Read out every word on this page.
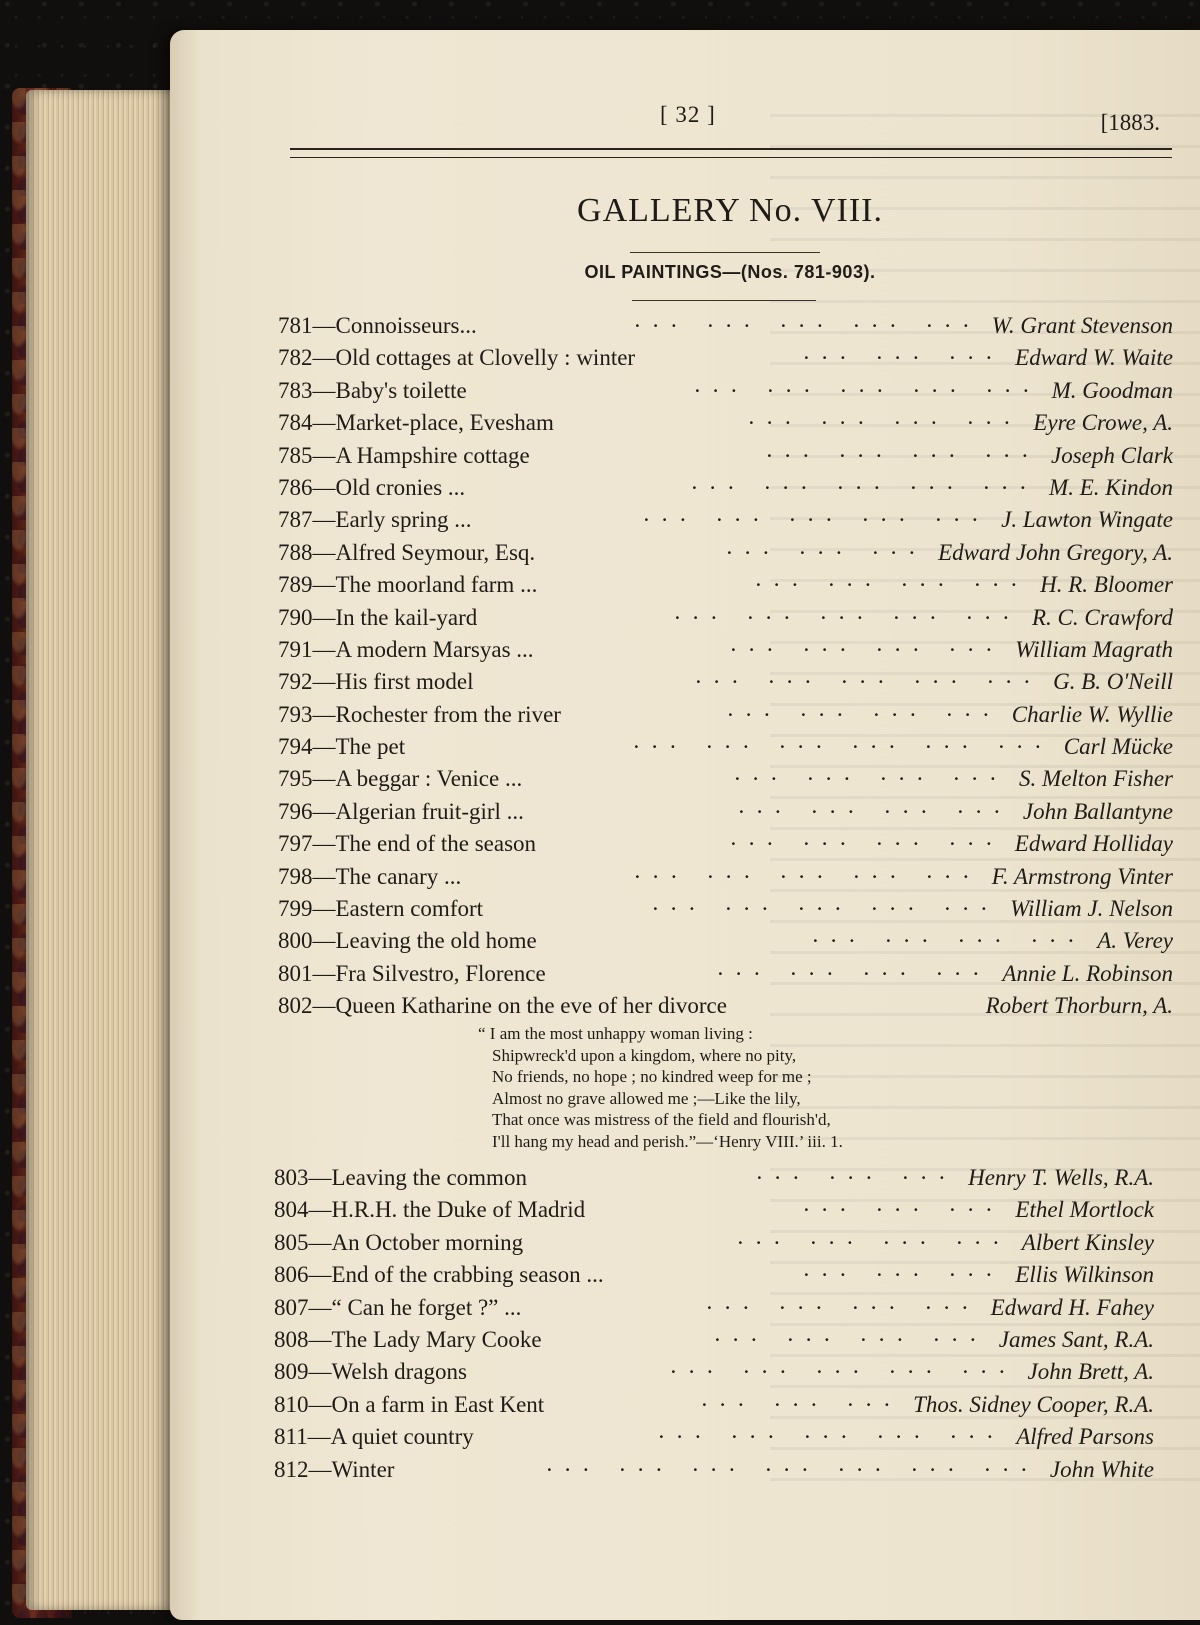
[ 32 ]	[1883.
GALLERY No. VIII.
OIL PAINTINGS—(Nos. 781-903).
781—Connoisseurs...	... ... ... ... ... W. Grant Stevenson
782—Old cottages at Clovelly : winter	... ... ... Edward W. Waite
783—Baby's toilette	... ... ... ... ... M. Goodman
784—Market-place, Evesham	... ... ... ... Eyre Crowe, A.
785—A Hampshire cottage	... ... ... ... Joseph Clark
786—Old cronies ...	... ... ... ... ... M. E. Kindon
787—Early spring ...	... ... ... ... ... J. Lawton Wingate
788—Alfred Seymour, Esq.	... ... ... Edward John Gregory, A.
789—The moorland farm ...	... ... ... ... H. R. Bloomer
790—In the kail-yard	... ... ... ... ... R. C. Crawford
791—A modern Marsyas ...	... ... ... ... William Magrath
792—His first model	... ... ... ... ... G. B. O'Neill
793—Rochester from the river	... ... ... ... Charlie W. Wyllie
794—The pet	... ... ... ... ... ... Carl Mücke
795—A beggar : Venice ...	... ... ... ... S. Melton Fisher
796—Algerian fruit-girl ...	... ... ... ... John Ballantyne
797—The end of the season	... ... ... ... Edward Holliday
798—The canary ...	... ... ... ... ... F. Armstrong Vinter
799—Eastern comfort	... ... ... ... ... William J. Nelson
800—Leaving the old home	... ... ... ... A. Verey
801—Fra Silvestro, Florence	... ... ... ... Annie L. Robinson
802—Queen Katharine on the eve of her divorce	Robert Thorburn, A.
“ I am the most unhappy woman living :
Shipwreck'd upon a kingdom, where no pity,
No friends, no hope ; no kindred weep for me ;
Almost no grave allowed me ;—Like the lily,
That once was mistress of the field and flourish'd,
I'll hang my head and perish.”—‘Henry VIII.’ iii. 1.
803—Leaving the common	... ... ... Henry T. Wells, R.A.
804—H.R.H. the Duke of Madrid	... ... ... Ethel Mortlock
805—An October morning	... ... ... ... Albert Kinsley
806—End of the crabbing season ...	... ... ... Ellis Wilkinson
807—“ Can he forget ?” ...	... ... ... ... Edward H. Fahey
808—The Lady Mary Cooke	... ... ... ... James Sant, R.A.
809—Welsh dragons	... ... ... ... ... John Brett, A.
810—On a farm in East Kent	... ... ... Thos. Sidney Cooper, R.A.
811—A quiet country	... ... ... ... ... Alfred Parsons
812—Winter	... ... ... ... ... ... ... John White
